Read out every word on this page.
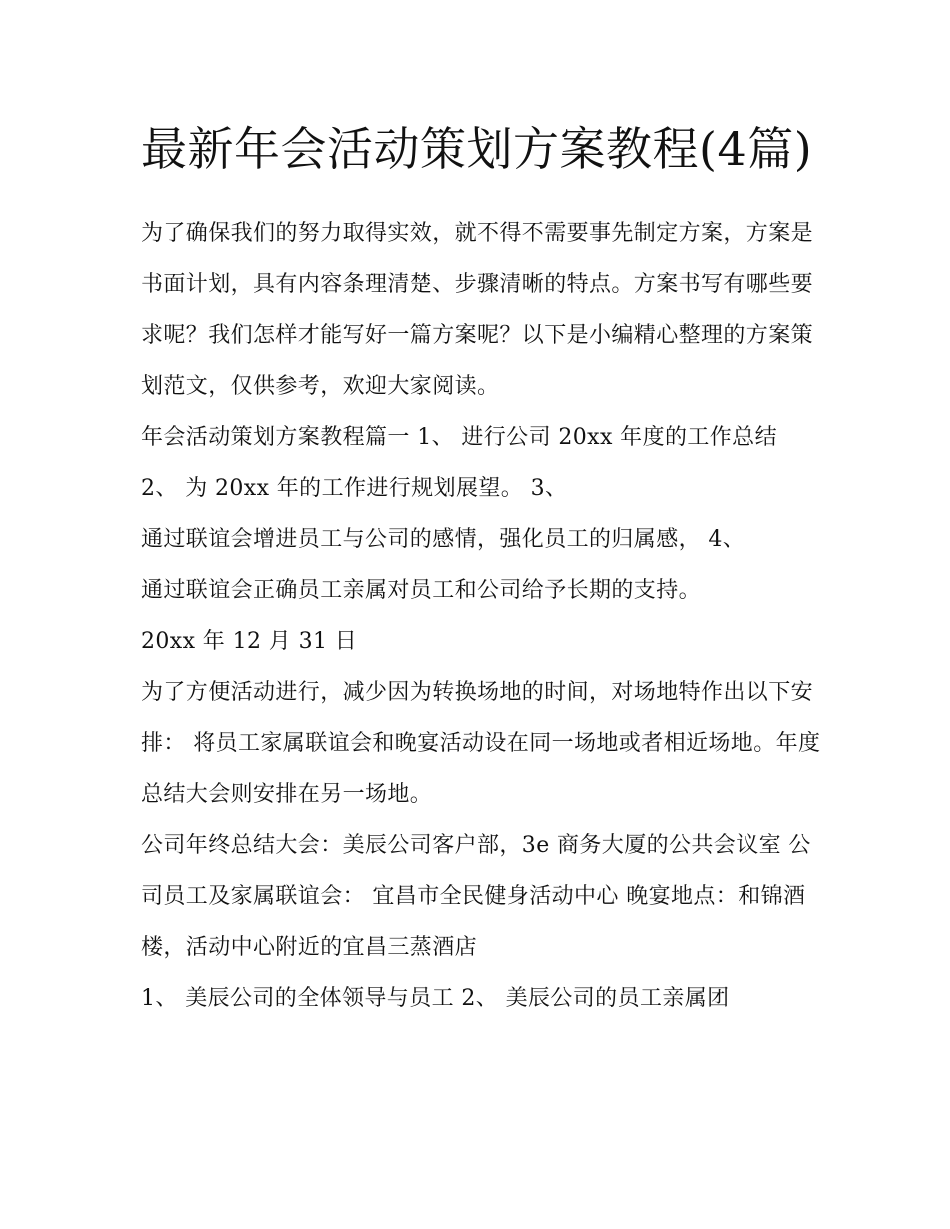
最新年会活动策划方案教程(4篇)

为了确保我们的努力取得实效，就不得不需要事先制定方案，方案是书面计划，具有内容条理清楚、步骤清晰的特点。方案书写有哪些要求呢？我们怎样才能写好一篇方案呢？以下是小编精心整理的方案策划范文，仅供参考，欢迎大家阅读。

年会活动策划方案教程篇一 1、 进行公司 20xx 年度的工作总结 2、 为 20xx 年的工作进行规划展望。 3、

通过联谊会增进员工与公司的感情，强化员工的归属感， 4、

通过联谊会正确员工亲属对员工和公司给予长期的支持。

20xx 年 12 月 31 日

为了方便活动进行，减少因为转换场地的时间，对场地特作出以下安排： 将员工家属联谊会和晚宴活动设在同一场地或者相近场地。年度总结大会则安排在另一场地。

公司年终总结大会：美辰公司客户部，3e 商务大厦的公共会议室 公司员工及家属联谊会： 宜昌市全民健身活动中心 晚宴地点：和锦酒楼，活动中心附近的宜昌三蒸酒店

1、 美辰公司的全体领导与员工 2、 美辰公司的员工亲属团
